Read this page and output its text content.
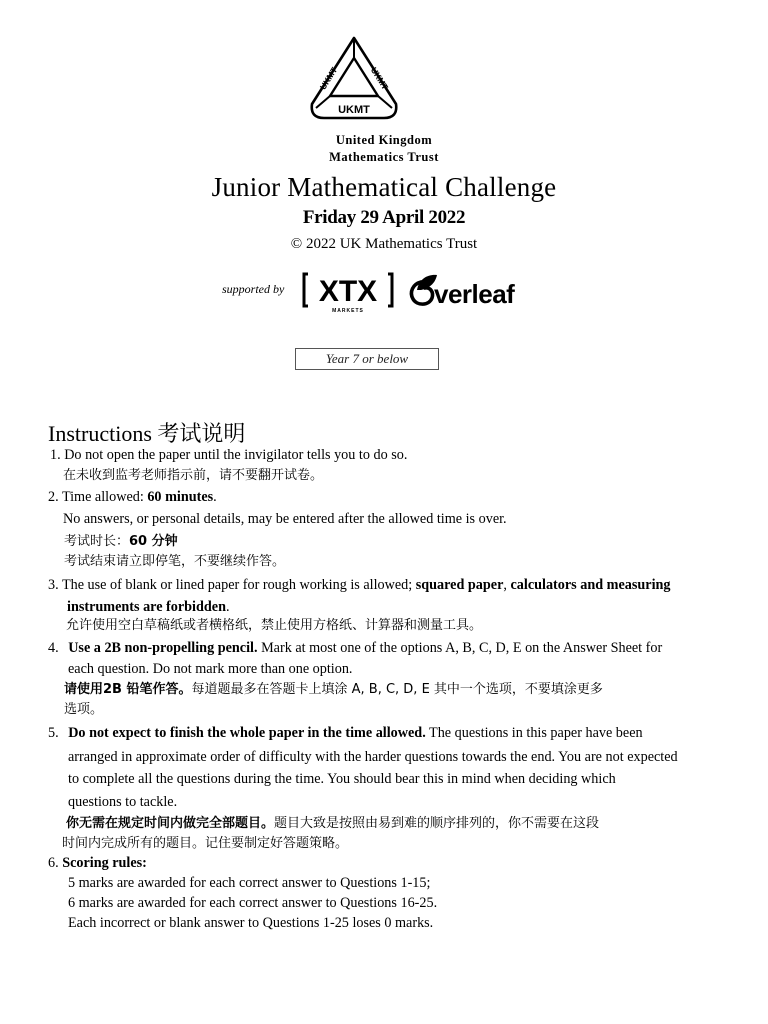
UKMT
UKMT	UKMT
United Kingdom
Mathematics Trust
Junior Mathematical Challenge
Friday 29 April 2022
© 2022 UK Mathematics Trust
supported by XTX
MARKETS
verleaf
Year 7 or below
Instructions 考试说明
1. Do not open the paper until the invigilator tells you to do so.
在未收到监考老师指示前，请不要翻开试卷。
2. Time allowed: 60 minutes.
No answers, or personal details, may be entered after the allowed time is over.
考试时长：60 分钟
考试结束请立即停笔，不要继续作答。
3. The use of blank or lined paper for rough working is allowed; squared paper, calculators and measuring
instruments are forbidden.
允许使用空白草稿纸或者横格纸，禁止使用方格纸、计算器和测量工具。
4. Use a 2B non-propelling pencil. Mark at most one of the options A, B, C, D, E on the Answer Sheet for
each question. Do not mark more than one option.
请使用2B 铅笔作答。每道题最多在答题卡上填涂 A, B, C, D, E 其中一个选项，不要填涂更多
选项。
5. Do not expect to finish the whole paper in the time allowed. The questions in this paper have been
arranged in approximate order of difficulty with the harder questions towards the end. You are not expected
to complete all the questions during the time. You should bear this in mind when deciding which
questions to tackle.
你无需在规定时间内做完全部题目。题目大致是按照由易到难的顺序排列的，你不需要在这段
时间内完成所有的题目。记住要制定好答题策略。
6. Scoring rules:
5 marks are awarded for each correct answer to Questions 1-15;
6 marks are awarded for each correct answer to Questions 16-25.
Each incorrect or blank answer to Questions 1-25 loses 0 marks.
